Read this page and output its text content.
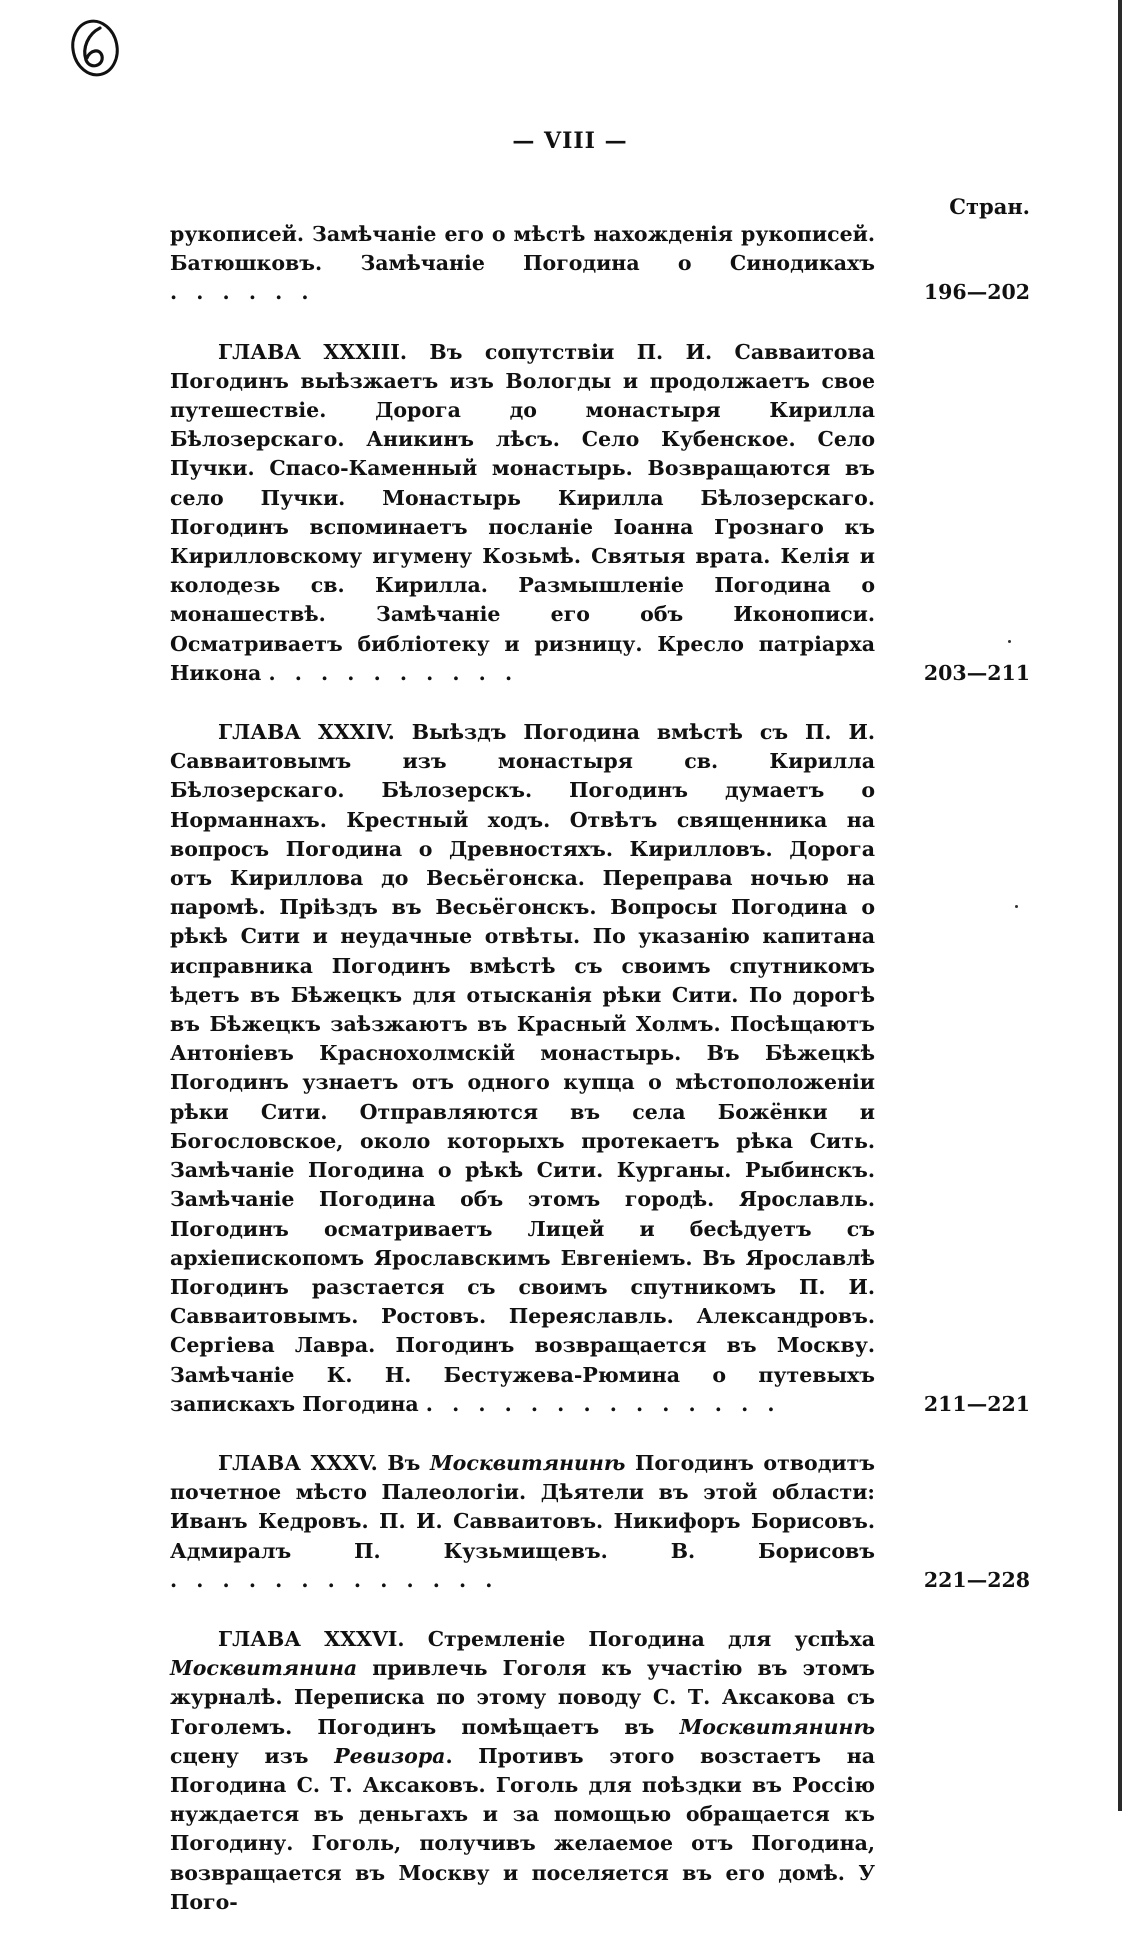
— VIII —
Стран.
рукописей. Замѣчаніе его о мѣстѣ нахожденія рукописей. Батюшковъ. Замѣчаніе Погодина о Синодикахъ . . . . . .	196—202
ГЛАВА XXXIII. Въ сопутствіи П. И. Савваитова Погодинъ выѣзжаетъ изъ Вологды и продолжаетъ свое путешествіе. Дорога до монастыря Кирилла Бѣлозерскаго. Аникинъ лѣсъ. Село Кубенское. Село Пучки. Спасо-Каменный монастырь. Возвращаются въ село Пучки. Монастырь Кирилла Бѣлозерскаго. Погодинъ вспоминаетъ посланіе Іоанна Грознаго къ Кирилловскому игумену Козьмѣ. Святыя врата. Келія и колодезь св. Кирилла. Размышленіе Погодина о монашествѣ. Замѣчаніе его объ Иконописи. Осматриваетъ библіотеку и ризницу. Кресло патріарха Никона . . . . . . . . . .	203—211
ГЛАВА XXXIV. Выѣздъ Погодина вмѣстѣ съ П. И. Савваитовымъ изъ монастыря св. Кирилла Бѣлозерскаго. Бѣлозерскъ. Погодинъ думаетъ о Норманнахъ. Крестный ходъ. Отвѣтъ священника на вопросъ Погодина о Древностяхъ. Кирилловъ. Дорога отъ Кириллова до Весьёгонска. Переправа ночью на паромѣ. Пріѣздъ въ Весьёгонскъ. Вопросы Погодина о рѣкѣ Сити и неудачные отвѣты. По указанію капитана исправника Погодинъ вмѣстѣ съ своимъ спутникомъ ѣдетъ въ Бѣжецкъ для отысканія рѣки Сити. По дорогѣ въ Бѣжецкъ заѣзжаютъ въ Красный Холмъ. Посѣщаютъ Антоніевъ Краснохолмскій монастырь. Въ Бѣжецкѣ Погодинъ узнаетъ отъ одного купца о мѣстоположеніи рѣки Сити. Отправляются въ села Божёнки и Богословское, около которыхъ протекаетъ рѣка Сить. Замѣчаніе Погодина о рѣкѣ Сити. Курганы. Рыбинскъ. Замѣчаніе Погодина объ этомъ городѣ. Ярославль. Погодинъ осматриваетъ Лицей и бесѣдуетъ съ архіепископомъ Ярославскимъ Евгеніемъ. Въ Ярославлѣ Погодинъ разстается съ своимъ спутникомъ П. И. Савваитовымъ. Ростовъ. Переяславль. Александровъ. Сергіева Лавра. Погодинъ возвращается въ Москву. Замѣчаніе К. Н. Бестужева-Рюмина о путевыхъ запискахъ Погодина . . . . . . . . . . . . . .	211—221
ГЛАВА XXXV. Въ Москвитянинѣ Погодинъ отводитъ почетное мѣсто Палеологіи. Дѣятели въ этой области: Иванъ Кедровъ. П. И. Савваитовъ. Никифоръ Борисовъ. Адмиралъ П. Кузьмищевъ. В. Борисовъ . . . . . . . . . . . . .	221—228
ГЛАВА XXXVI. Стремленіе Погодина для успѣха Москвитянина привлечь Гоголя къ участію въ этомъ журналѣ. Переписка по этому поводу С. Т. Аксакова съ Гоголемъ. Погодинъ помѣщаетъ въ Москвитянинѣ сцену изъ Ревизора. Противъ этого возстаетъ на Погодина С. Т. Аксаковъ. Гоголь для поѣздки въ Россію нуждается въ деньгахъ и за помощью обращается къ Погодину. Гоголь, получивъ желаемое отъ Погодина, возвращается въ Москву и поселяется въ его домѣ. У Пого-
